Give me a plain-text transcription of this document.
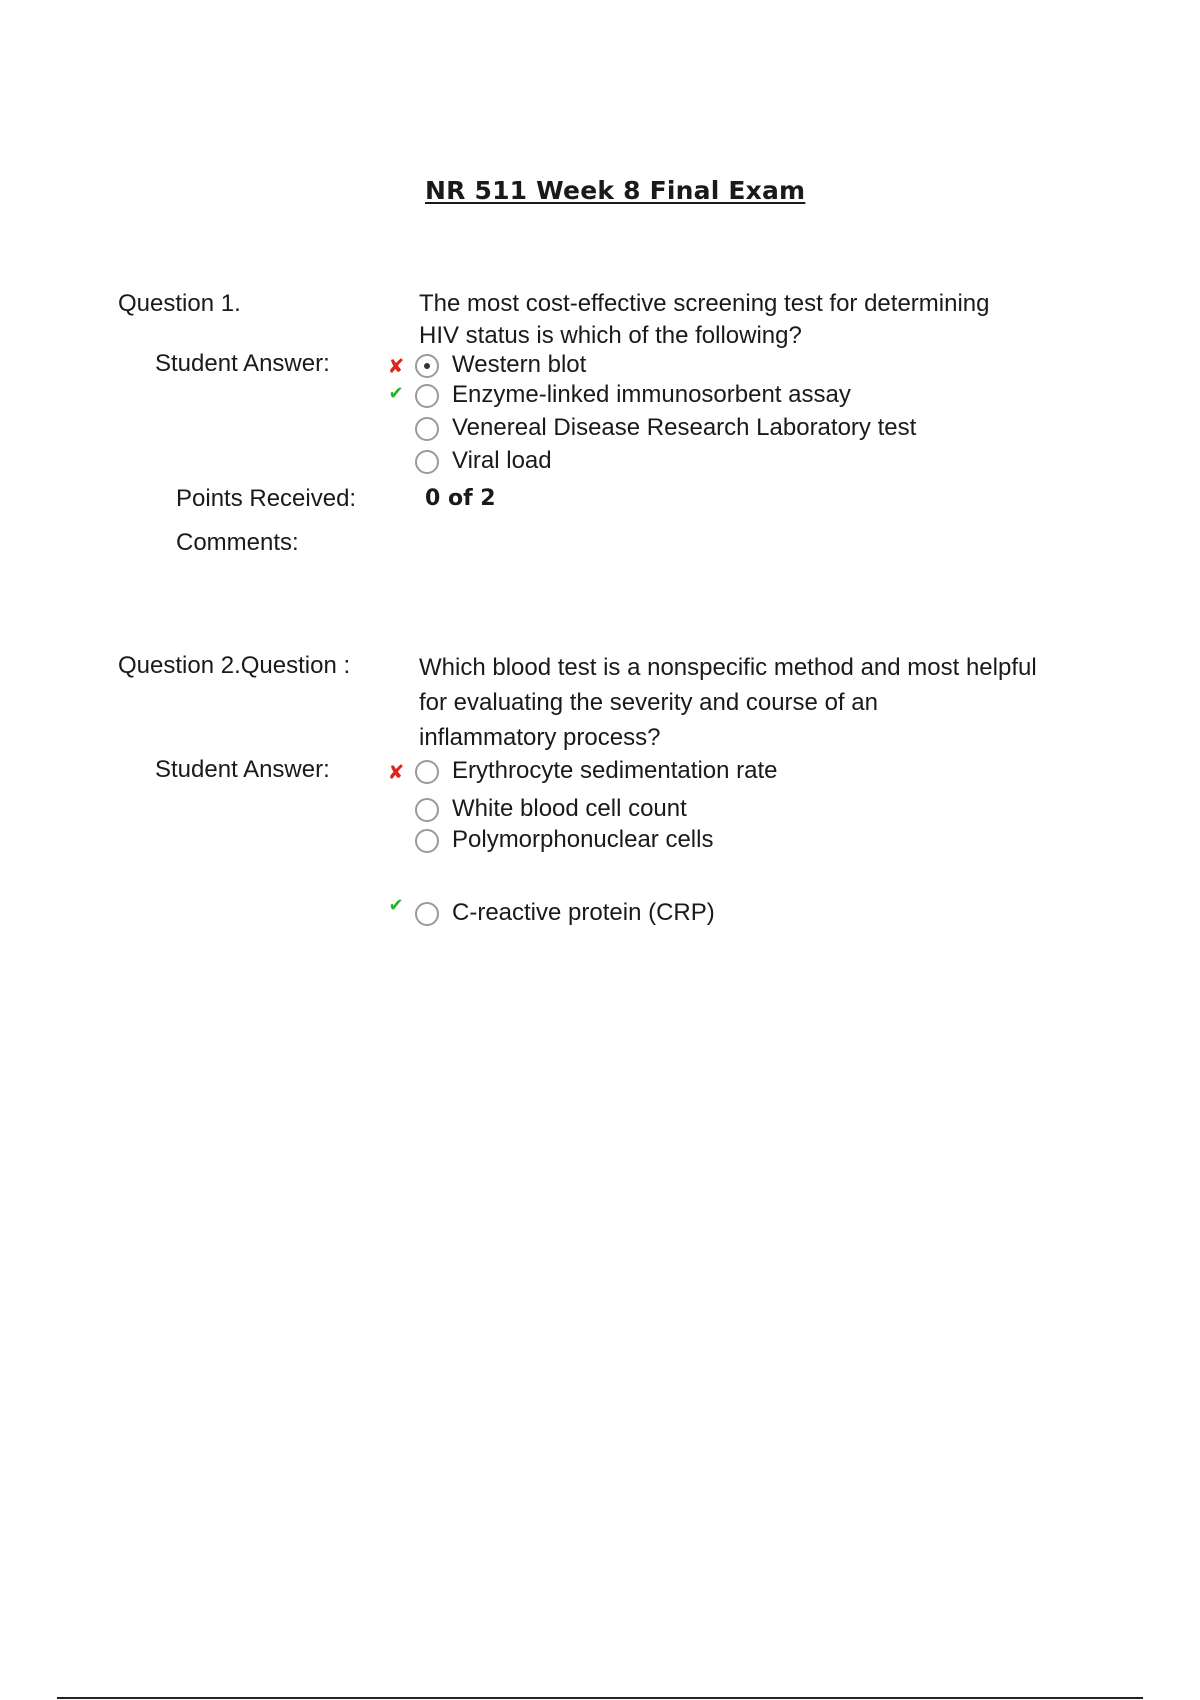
NR 511 Week 8 Final Exam
Question 1.	The most cost-effective screening test for determining
HIV status is which of the following?
Student Answer:	✘ Western blot
✔ Enzyme-linked immunosorbent assay
Venereal Disease Research Laboratory test
Viral load
Points Received:	0 of 2
Comments:
Question 2.Question :	Which blood test is a nonspecific method and most helpful
for evaluating the severity and course of an
inflammatory process?
Student Answer:	✘ Erythrocyte sedimentation rate
White blood cell count
Polymorphonuclear cells
✔ C-reactive protein (CRP)
